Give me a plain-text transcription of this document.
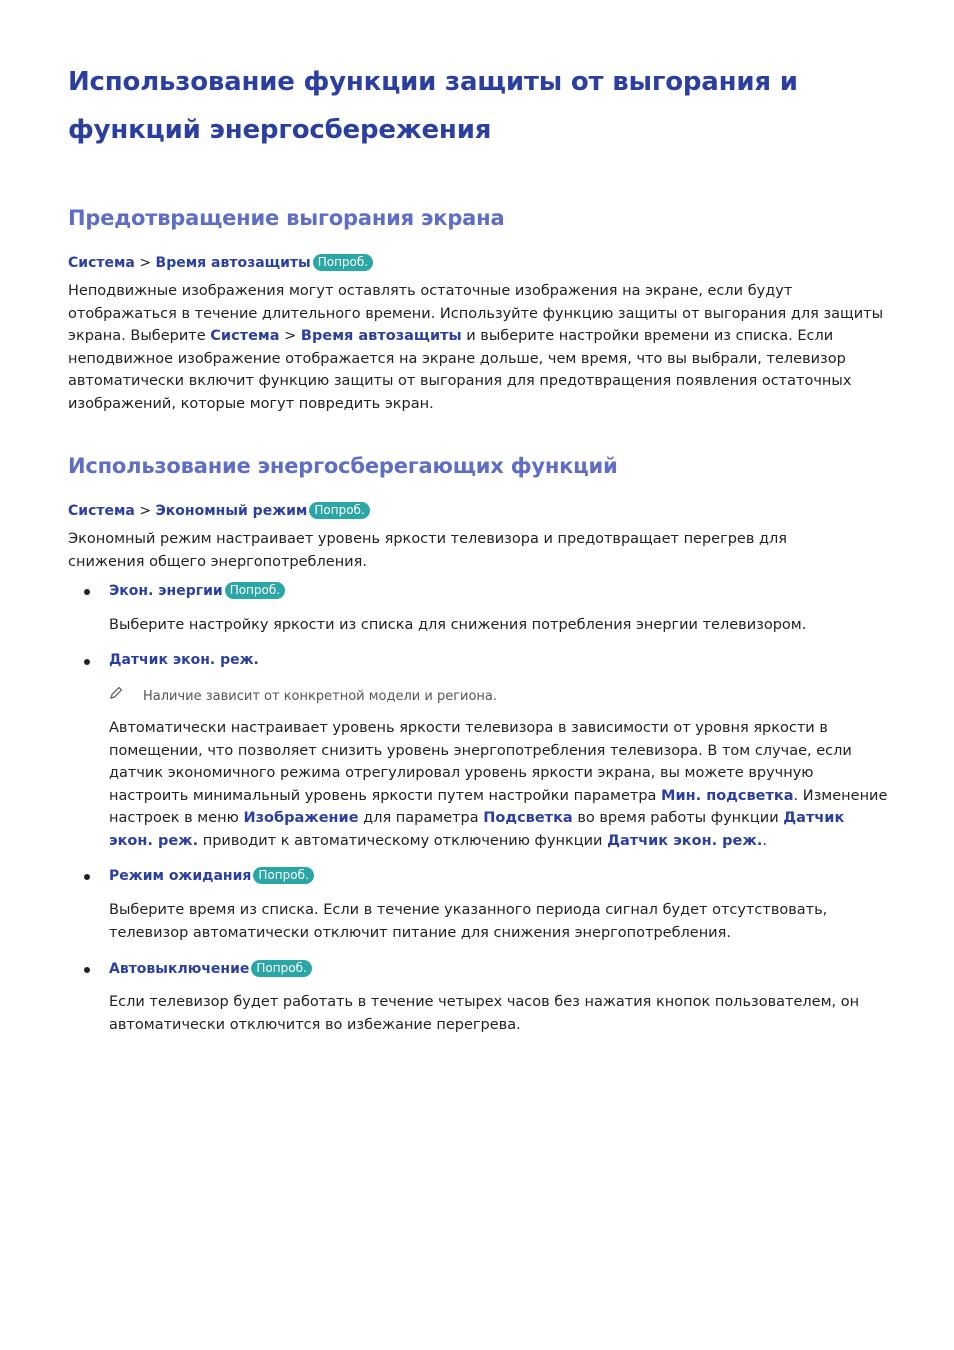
Использование функции защиты от выгорания и функций энергосбережения
Предотвращение выгорания экрана
Система > Время автозащиты Попроб.
Неподвижные изображения могут оставлять остаточные изображения на экране, если будут отображаться в течение длительного времени. Используйте функцию защиты от выгорания для защиты экрана. Выберите Система > Время автозащиты и выберите настройки времени из списка. Если неподвижное изображение отображается на экране дольше, чем время, что вы выбрали, телевизор автоматически включит функцию защиты от выгорания для предотвращения появления остаточных изображений, которые могут повредить экран.
Использование энергосберегающих функций
Система > Экономный режим Попроб.
Экономный режим настраивает уровень яркости телевизора и предотвращает перегрев для снижения общего энергопотребления.
Экон. энергии Попроб.
Выберите настройку яркости из списка для снижения потребления энергии телевизором.
Датчик экон. реж.
Наличие зависит от конкретной модели и региона.
Автоматически настраивает уровень яркости телевизора в зависимости от уровня яркости в помещении, что позволяет снизить уровень энергопотребления телевизора. В том случае, если датчик экономичного режима отрегулировал уровень яркости экрана, вы можете вручную настроить минимальный уровень яркости путем настройки параметра Мин. подсветка. Изменение настроек в меню Изображение для параметра Подсветка во время работы функции Датчик экон. реж. приводит к автоматическому отключению функции Датчик экон. реж..
Режим ожидания Попроб.
Выберите время из списка. Если в течение указанного периода сигнал будет отсутствовать, телевизор автоматически отключит питание для снижения энергопотребления.
Автовыключение Попроб.
Если телевизор будет работать в течение четырех часов без нажатия кнопок пользователем, он автоматически отключится во избежание перегрева.
